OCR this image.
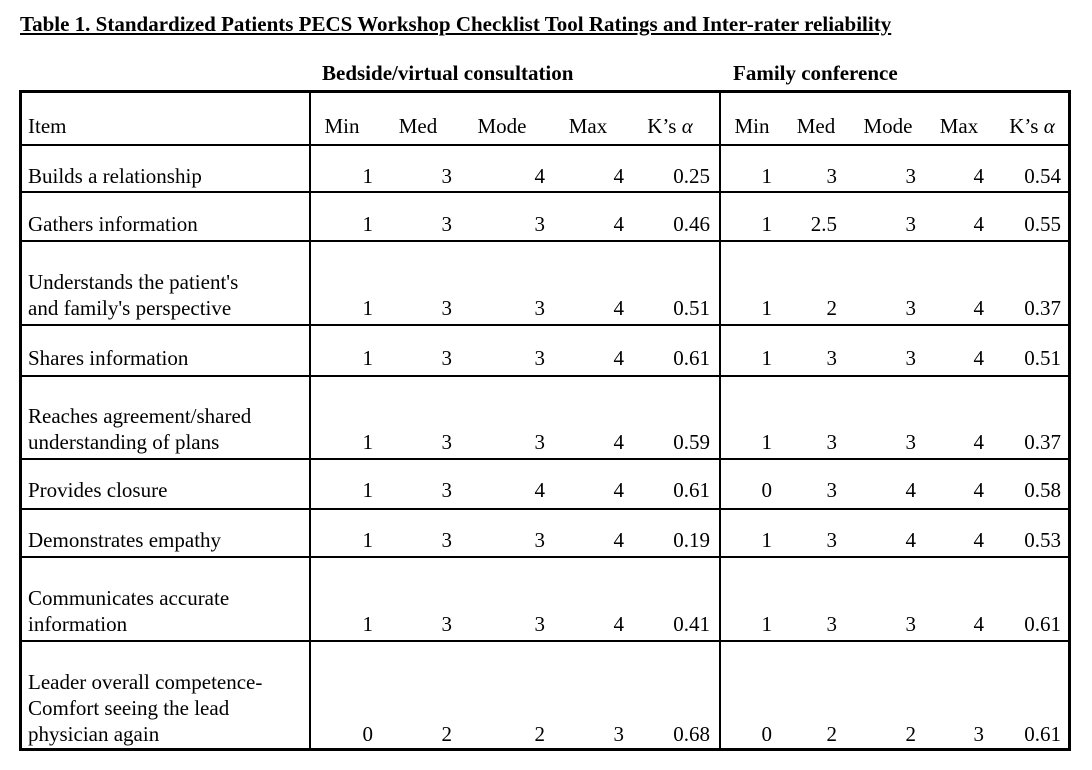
Table 1. Standardized Patients PECS Workshop Checklist Tool Ratings and Inter-rater reliability
Bedside/virtual consultation	Family conference
Item	Min	Med	Mode	Max	K’s α	Min	Med	Mode	Max	K’s α
Builds a relationship	1	3	4	4	0.25	1	3	3	4	0.54
Gathers information	1	3	3	4	0.46	1	2.5	3	4	0.55
Understands the patient's
and family's perspective	1	3	3	4	0.51	1	2	3	4	0.37
Shares information	1	3	3	4	0.61	1	3	3	4	0.51
Reaches agreement/shared
understanding of plans	1	3	3	4	0.59	1	3	3	4	0.37
Provides closure	1	3	4	4	0.61	0	3	4	4	0.58
Demonstrates empathy	1	3	3	4	0.19	1	3	4	4	0.53
Communicates accurate
information	1	3	3	4	0.41	1	3	3	4	0.61
Leader overall competence-
Comfort seeing the lead
physician again	0	2	2	3	0.68	0	2	2	3	0.61
